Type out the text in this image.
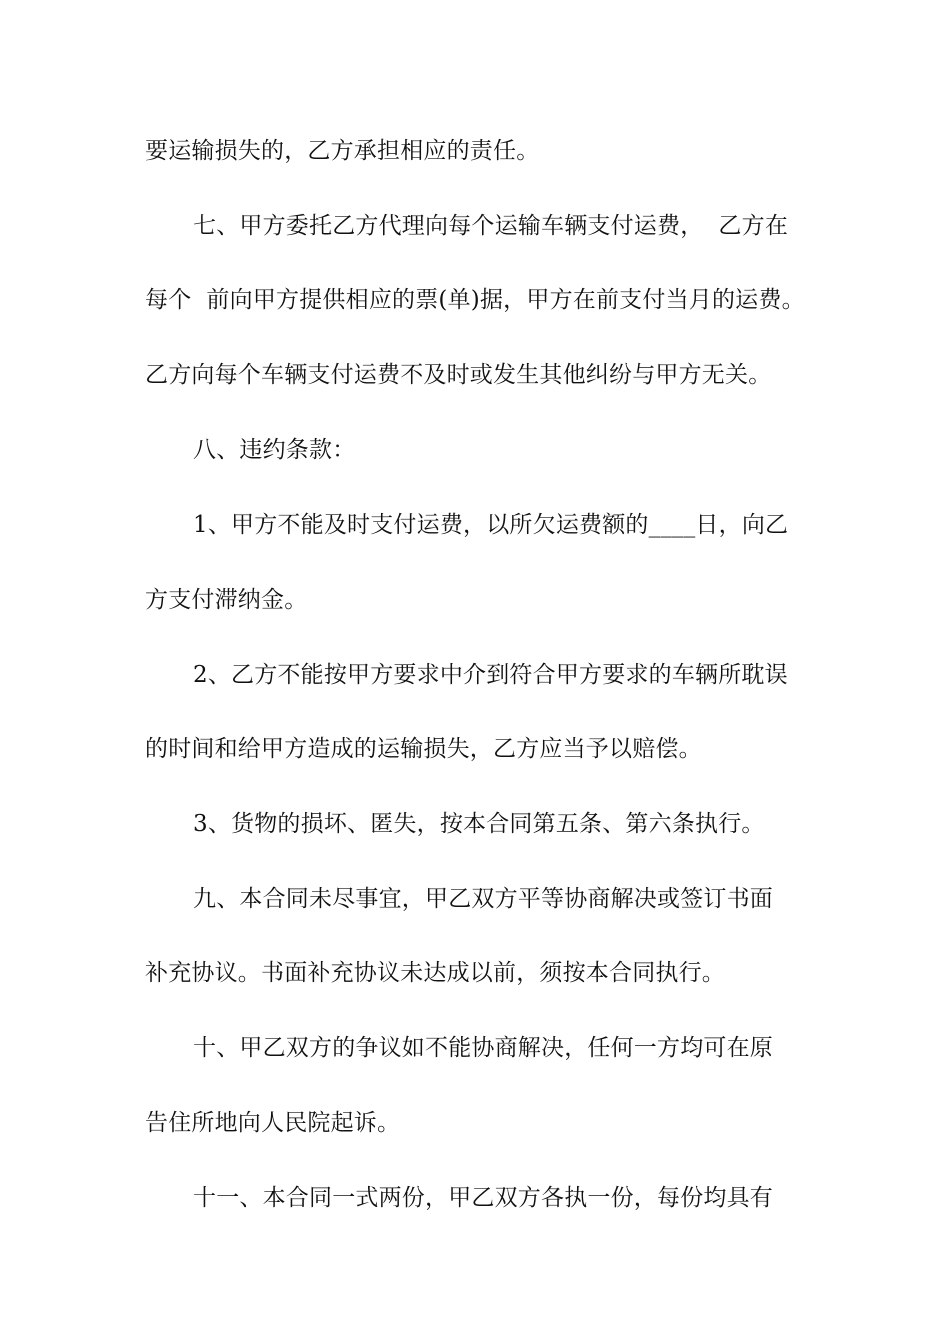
要运输损失的，乙方承担相应的责任。
七、甲方委托乙方代理向每个运输车辆支付运费，  乙方在
每个  前向甲方提供相应的票(单)据，甲方在前支付当月的运费。
乙方向每个车辆支付运费不及时或发生其他纠纷与甲方无关。
八、违约条款：
1、甲方不能及时支付运费，以所欠运费额的____日，向乙
方支付滞纳金。
2、乙方不能按甲方要求中介到符合甲方要求的车辆所耽误
的时间和给甲方造成的运输损失，乙方应当予以赔偿。
3、货物的损坏、匿失，按本合同第五条、第六条执行。
九、本合同未尽事宜，甲乙双方平等协商解决或签订书面
补充协议。书面补充协议未达成以前，须按本合同执行。
十、甲乙双方的争议如不能协商解决，任何一方均可在原
告住所地向人民院起诉。
十一、本合同一式两份，甲乙双方各执一份，每份均具有
